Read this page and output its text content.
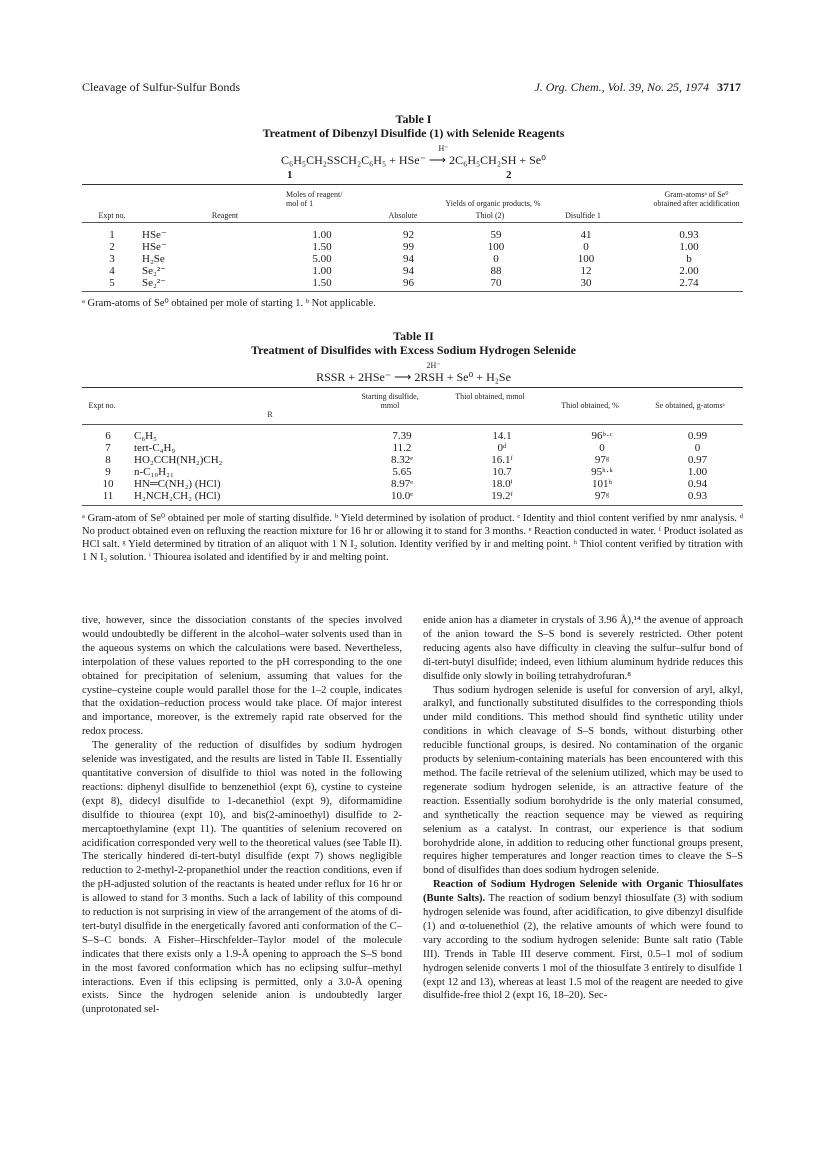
Cleavage of Sulfur-Sulfur Bonds	J. Org. Chem., Vol. 39, No. 25, 1974 3717
Table I
Treatment of Dibenzyl Disulfide (1) with Selenide Reagents
H⁻
C₆H₅CH₂SSCH₂C₆H₅ + HSe⁻ ⟶ 2C₆H₅CH₂SH + Se⁰
1	2
Expt no.	Reagent
Moles of reagent/ mol of 1	Yields of organic products, %
Absolute	Thiol (2)	Disulfide 1
Gram-atomsᵃ of Se⁰ obtained after acidification
1	HSe⁻	1.00	92	59	41	0.93
2	HSe⁻	1.50	99	100	0	1.00
3	H₂Se	5.00	94	0	100	b
4	Se₂²⁻	1.00	94	88	12	2.00
5	Se₂²⁻	1.50	96	70	30	2.74
ᵃ Gram-atoms of Se⁰ obtained per mole of starting 1. ᵇ Not applicable.
Table II
Treatment of Disulfides with Excess Sodium Hydrogen Selenide
2H⁻
RSSR + 2HSe⁻ ⟶ 2RSH + Se⁰ + H₂Se
Expt no.
R
Starting disulfide, mmol
Thiol obtained, mmol
Thiol obtained, %	Se obtained, g-atomsᵃ
6	C₆H₅	7.39	14.1	96ᵇ·ᶜ	0.99
7	tert-C₄H₉	11.2	0ᵈ	0	0
8	HO₂CCH(NH₂)CH₂	8.32ᵉ	16.1ᶠ	97ᵍ	0.97
9	n-C₁₀H₂₁	5.65	10.7	95ʰ·ᵏ	1.00
10	HN═C(NH₂) (HCl)	8.97ᵉ	18.0ⁱ	101ᵇ	0.94
11	H₂NCH₂CH₂ (HCl)	10.0ᵉ	19.2ᶠ	97ᵍ	0.93
ᵃ Gram-atom of Se⁰ obtained per mole of starting disulfide. ᵇ Yield determined by isolation of product. ᶜ Identity and thiol content verified by nmr analysis. ᵈ No product obtained even on refluxing the reaction mixture for 16 hr or allowing it to stand for 3 months. ᵉ Reaction conducted in water. ᶠ Product isolated as HCl salt. ᵍ Yield determined by titration of an aliquot with 1 N I₂ solution. Identity verified by ir and melting point. ʰ Thiol content verified by titration with 1 N I₂ solution. ⁱ Thiourea isolated and identified by ir and melting point.

tive, however, since the dissociation constants of the species involved would undoubtedly be different in the alcohol–water solvents used than in the aqueous systems on which the calculations were based. Nevertheless, interpolation of these values reported to the pH corresponding to the one obtained for precipitation of selenium, assuming that values for the cystine–cysteine couple would parallel those for the 1–2 couple, indicates that the oxidation–reduction process would take place. Of major interest and importance, moreover, is the extremely rapid rate observed for the redox process.

The generality of the reduction of disulfides by sodium hydrogen selenide was investigated, and the results are listed in Table II. Essentially quantitative conversion of disulfide to thiol was noted in the following reactions: diphenyl disulfide to benzenethiol (expt 6), cystine to cysteine (expt 8), didecyl disulfide to 1-decanethiol (expt 9), diformamidine disulfide to thiourea (expt 10), and bis(2-aminoethyl) disulfide to 2-mercaptoethylamine (expt 11). The quantities of selenium recovered on acidification corresponded very well to the theoretical values (see Table II). The sterically hindered di-tert-butyl disulfide (expt 7) shows negligible reduction to 2-methyl-2-propanethiol under the reaction conditions, even if the pH-adjusted solution of the reactants is heated under reflux for 16 hr or is allowed to stand for 3 months. Such a lack of lability of this compound to reduction is not surprising in view of the arrangement of the atoms of di-tert-butyl disulfide in the energetically favored anti conformation of the C–S–S–C bonds. A Fisher–Hirschfelder–Taylor model of the molecule indicates that there exists only a 1.9-Å opening to approach the S–S bond in the most favored conformation which has no eclipsing sulfur–methyl interactions. Even if this eclipsing is permitted, only a 3.0-Å opening exists. Since the hydrogen selenide anion is undoubtedly larger (unprotonated sel-

enide anion has a diameter in crystals of 3.96 Å),¹⁴ the avenue of approach of the anion toward the S–S bond is severely restricted. Other potent reducing agents also have difficulty in cleaving the sulfur–sulfur bond of di-tert-butyl disulfide; indeed, even lithium aluminum hydride reduces this disulfide only slowly in boiling tetrahydrofuran.⁸

Thus sodium hydrogen selenide is useful for conversion of aryl, alkyl, aralkyl, and functionally substituted disulfides to the corresponding thiols under mild conditions. This method should find synthetic utility under conditions in which cleavage of S–S bonds, without disturbing other reducible functional groups, is desired. No contamination of the organic products by selenium-containing materials has been encountered with this method. The facile retrieval of the selenium utilized, which may be used to regenerate sodium hydrogen selenide, is an attractive feature of the reaction. Essentially sodium borohydride is the only material consumed, and synthetically the reaction sequence may be viewed as requiring selenium as a catalyst. In contrast, our experience is that sodium borohydride alone, in addition to reducing other functional groups present, requires higher temperatures and longer reaction times to cleave the S–S bond of disulfides than does sodium hydrogen selenide.

Reaction of Sodium Hydrogen Selenide with Organic Thiosulfates (Bunte Salts). The reaction of sodium benzyl thiosulfate (3) with sodium hydrogen selenide was found, after acidification, to give dibenzyl disulfide (1) and α-toluenethiol (2), the relative amounts of which were found to vary according to the sodium hydrogen selenide: Bunte salt ratio (Table III). Trends in Table III deserve comment. First, 0.5–1 mol of sodium hydrogen selenide converts 1 mol of the thiosulfate 3 entirely to disulfide 1 (expt 12 and 13), whereas at least 1.5 mol of the reagent are needed to give disulfide-free thiol 2 (expt 16, 18–20). Sec-
